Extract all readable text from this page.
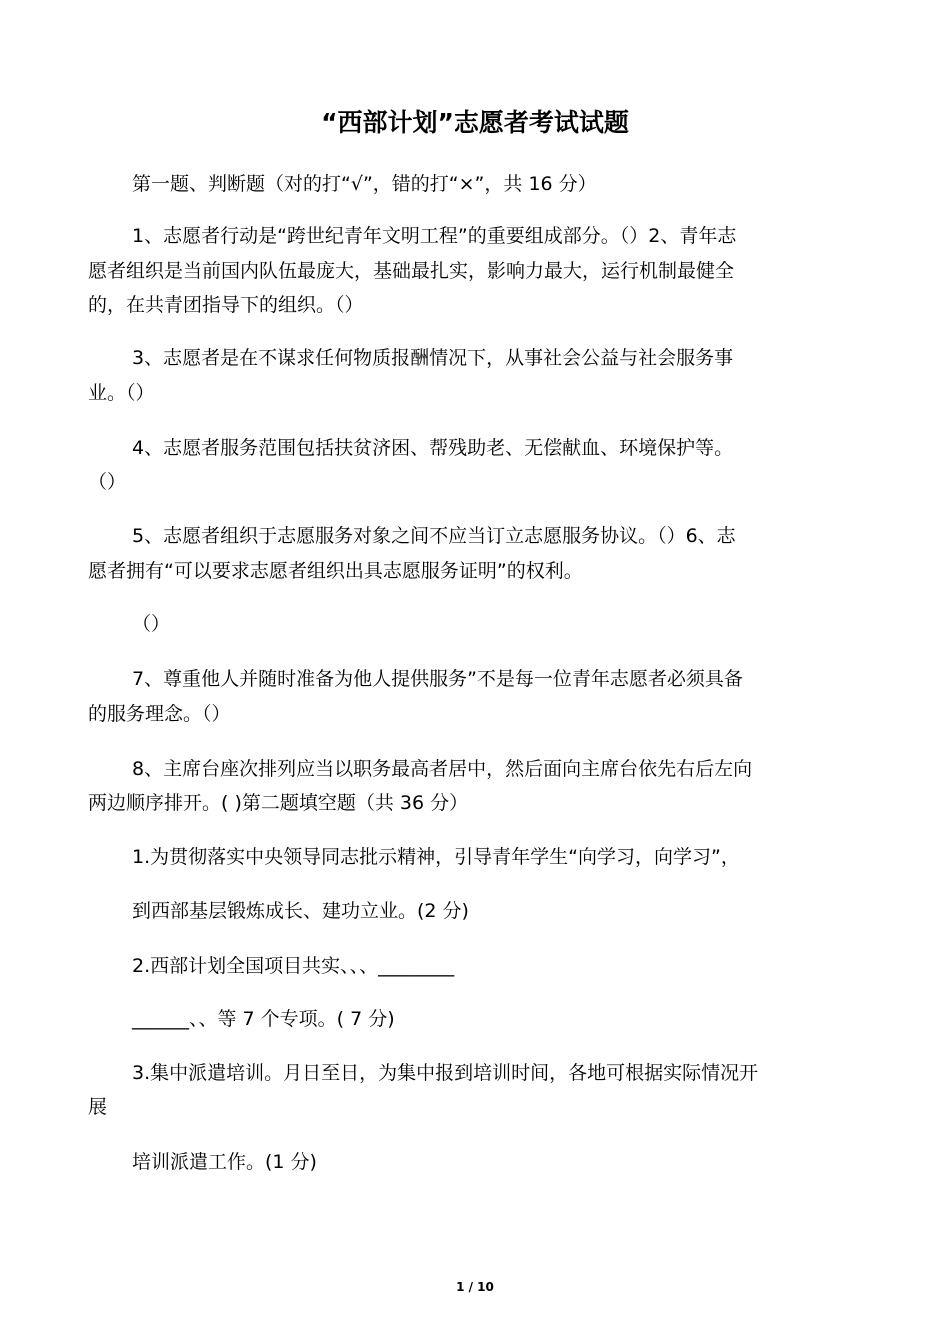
“西部计划”志愿者考试试题
第一题、判断题（对的打“√”，错的打“×”，共 16 分）
1、志愿者行动是“跨世纪青年文明工程”的重要组成部分。（）2、青年志
愿者组织是当前国内队伍最庞大，基础最扎实，影响力最大，运行机制最健全
的，在共青团指导下的组织。（）
3、志愿者是在不谋求任何物质报酬情况下，从事社会公益与社会服务事
业。（）
4、志愿者服务范围包括扶贫济困、帮残助老、无偿献血、环境保护等。
（）
5、志愿者组织于志愿服务对象之间不应当订立志愿服务协议。（）6、志
愿者拥有“可以要求志愿者组织出具志愿服务证明”的权利。
（）
7、尊重他人并随时准备为他人提供服务”不是每一位青年志愿者必须具备
的服务理念。（）
8、主席台座次排列应当以职务最高者居中，然后面向主席台依先右后左向
两边顺序排开。( )第二题填空题（共 36 分）
1.为贯彻落实中央领导同志批示精神，引导青年学生“向学习，向学习”，
到西部基层锻炼成长、建功立业。(2 分)
2.西部计划全国项目共实、、、________
______、、等 7 个专项。( 7 分)
3.集中派遣培训。月日至日，为集中报到培训时间，各地可根据实际情况开
展
培训派遣工作。(1 分)
1 / 10
